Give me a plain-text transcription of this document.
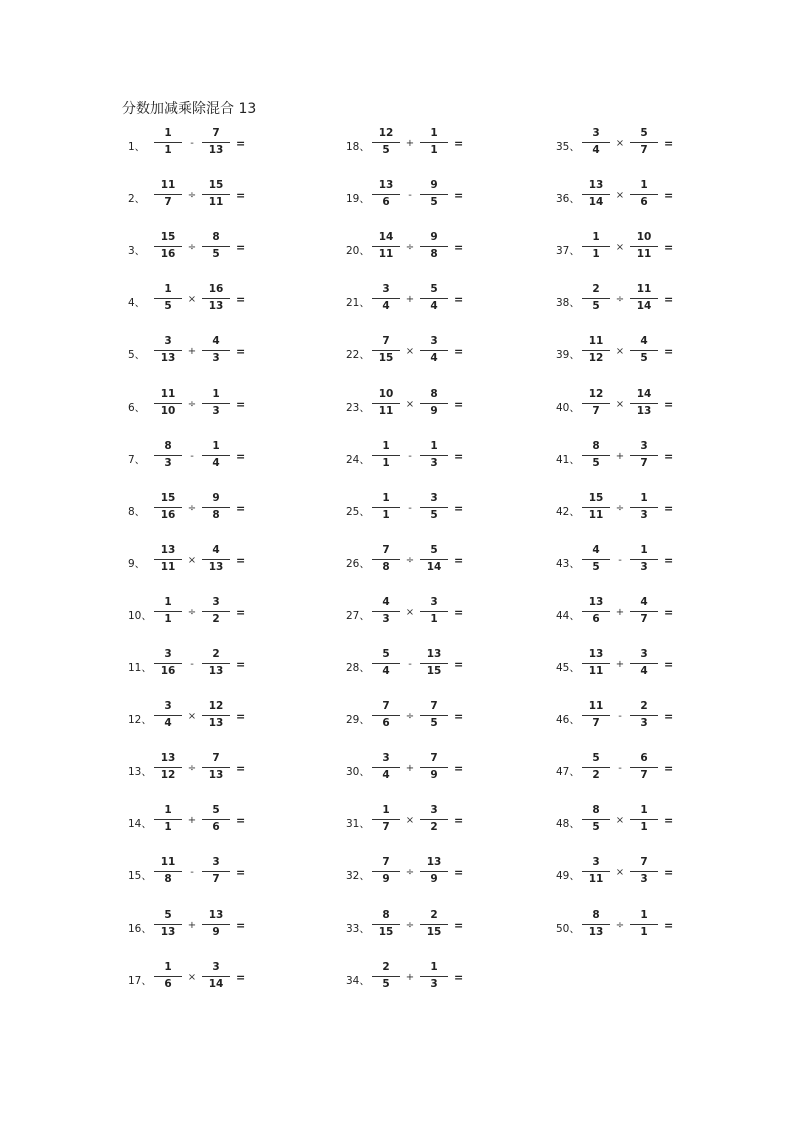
分数加减乘除混合 13
1、
1
1
-
7
13	=
2、
11
7
÷
15
11	=
3、
15
16
÷
8
5	=
4、
1
5
×
16
13	=
5、
3
13
+
4
3	=
6、
11
10
÷
1
3	=
7、
8
3
-
1
4	=
8、
15
16
÷
9
8	=
9、
13
11
×
4
13	=
10、
1
1
÷
3
2	=
11、
3
16
-
2
13	=
12、
3
4
×
12
13	=
13、
13
12
÷
7
13	=
14、
1
1
+
5
6	=
15、
11
8
-
3
7	=
16、
5
13
+
13
9	=
17、
1
6
×
3
14	=
18、
12
5
+
1
1	=
19、
13
6
-
9
5	=
20、
14
11
÷
9
8	=
21、
3
4
+
5
4	=
22、
7
15
×
3
4	=
23、
10
11
×
8
9	=
24、
1
1
-
1
3	=
25、
1
1
-
3
5	=
26、
7
8
÷
5
14	=
27、
4
3
×
3
1	=
28、
5
4
-
13
15	=
29、
7
6
÷
7
5	=
30、
3
4
+
7
9	=
31、
1
7
×
3
2	=
32、
7
9
÷
13
9	=
33、
8
15
÷
2
15	=
34、
2
5
+
1
3	=
35、
3
4
×
5
7	=
36、
13
14
×
1
6	=
37、
1
1
×
10
11	=
38、
2
5
÷
11
14	=
39、
11
12
×
4
5	=
40、
12
7
×
14
13	=
41、
8
5
+
3
7	=
42、
15
11
÷
1
3	=
43、
4
5
-
1
3	=
44、
13
6
+
4
7	=
45、
13
11
+
3
4	=
46、
11
7
-
2
3	=
47、
5
2
-
6
7	=
48、
8
5
×
1
1	=
49、
3
11
×
7
3	=
50、
8
13
÷
1
1	=
